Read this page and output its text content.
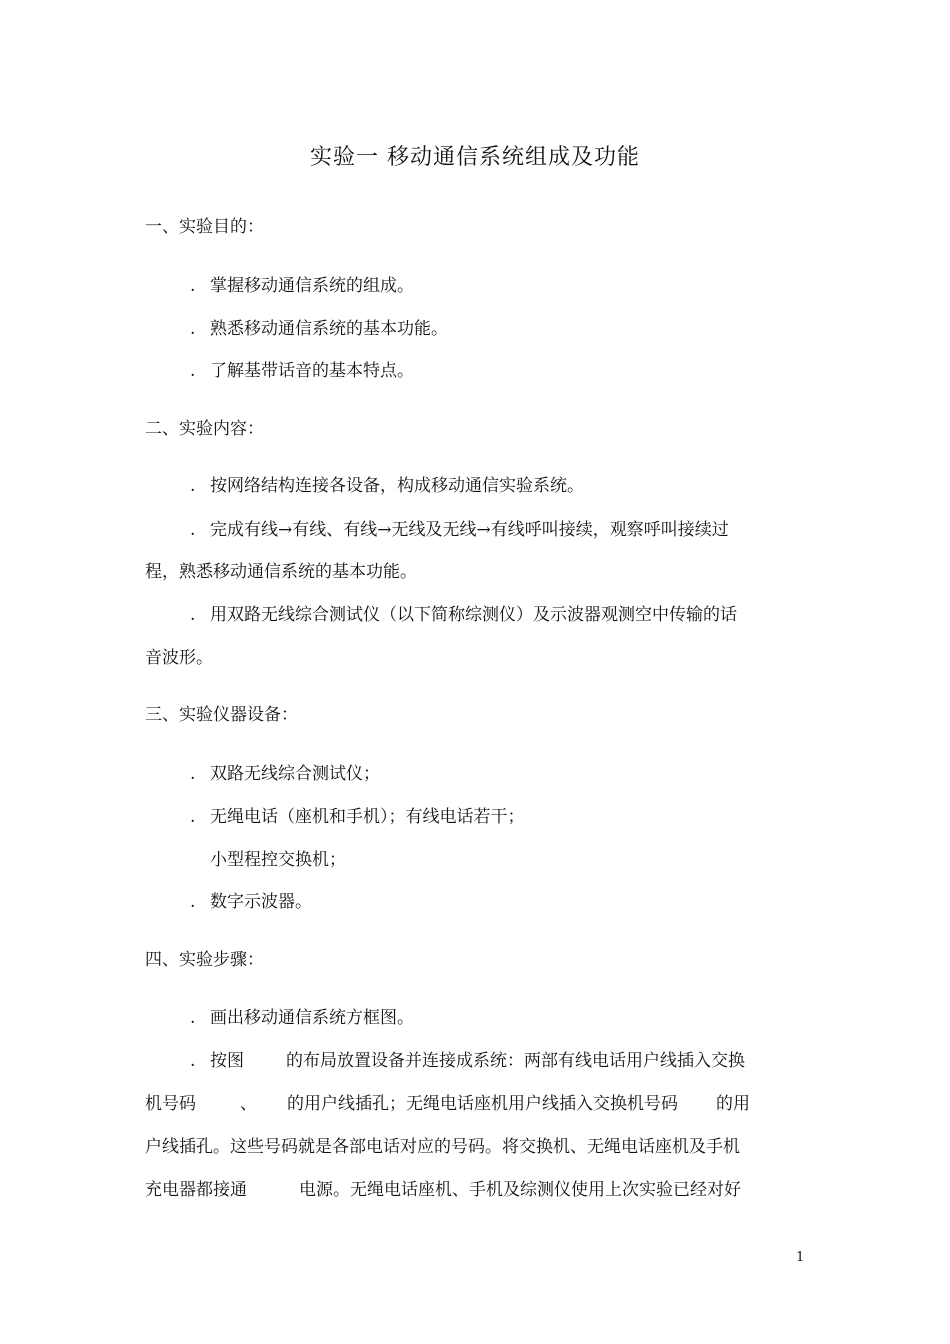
实验一 移动通信系统组成及功能
一、实验目的：
. 掌握移动通信系统的组成。
. 熟悉移动通信系统的基本功能。
. 了解基带话音的基本特点。
二、实验内容：
. 按网络结构连接各设备，构成移动通信实验系统。
. 完成有线→有线、有线→无线及无线→有线呼叫接续，观察呼叫接续过
程，熟悉移动通信系统的基本功能。
. 用双路无线综合测试仪（以下简称综测仪）及示波器观测空中传输的话
音波形。
三、实验仪器设备：
. 双路无线综合测试仪；
. 无绳电话（座机和手机）；有线电话若干；
小型程控交换机；
. 数字示波器。
四、实验步骤：
. 画出移动通信系统方框图。
. 按图 的布局放置设备并连接成系统：两部有线电话用户线插入交换
机号码	、 的用户线插孔；无绳电话座机用户线插入交换机号码 的用
户线插孔。这些号码就是各部电话对应的号码。将交换机、无绳电话座机及手机
充电器都接通	电源。无绳电话座机、手机及综测仪使用上次实验已经对好
1
